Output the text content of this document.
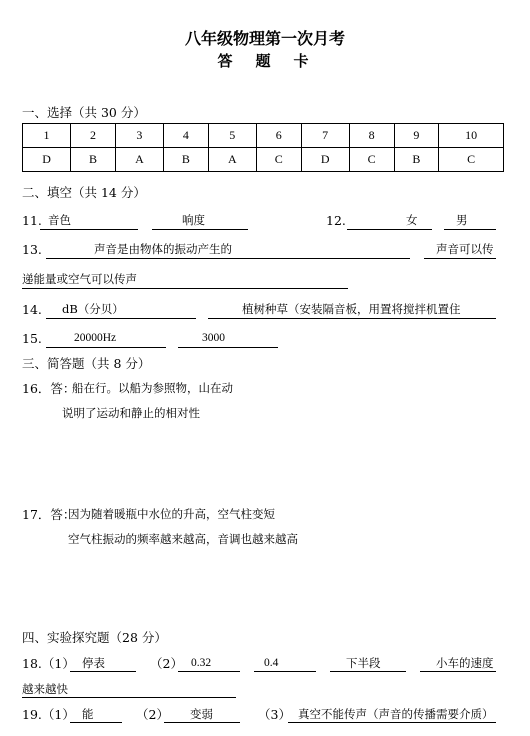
八年级物理第一次月考
答　题　卡
一、选择（共 30 分）
1	2	3	4	5	6	7	8	9	10
D	B	A	B	A	C	D	C	B	C
二、填空（共 14 分）
11. 音色	响度	12.	女	男
13.	声音是由物体的振动产生的	声音可以传
递能量或空气可以传声
14. dB（分贝）	植树种草（安装隔音板，用置将搅拌机置住
15.	20000Hz	3000
三、简答题（共 8 分）
16．答：
船在行。以船为参照物，山在动
说明了运动和静止的相对性
17．答：
因为随着暖瓶中水位的升高，空气柱变短
空气柱振动的频率越来越高，音调也越来越高
四、实验探究题（28 分）
18.（1） 停表	（2） 0.32	0.4	下半段	小车的速度
越来越快
19.（1） 能	（2） 变弱	（3） 真空不能传声（声音的传播需要介质）
